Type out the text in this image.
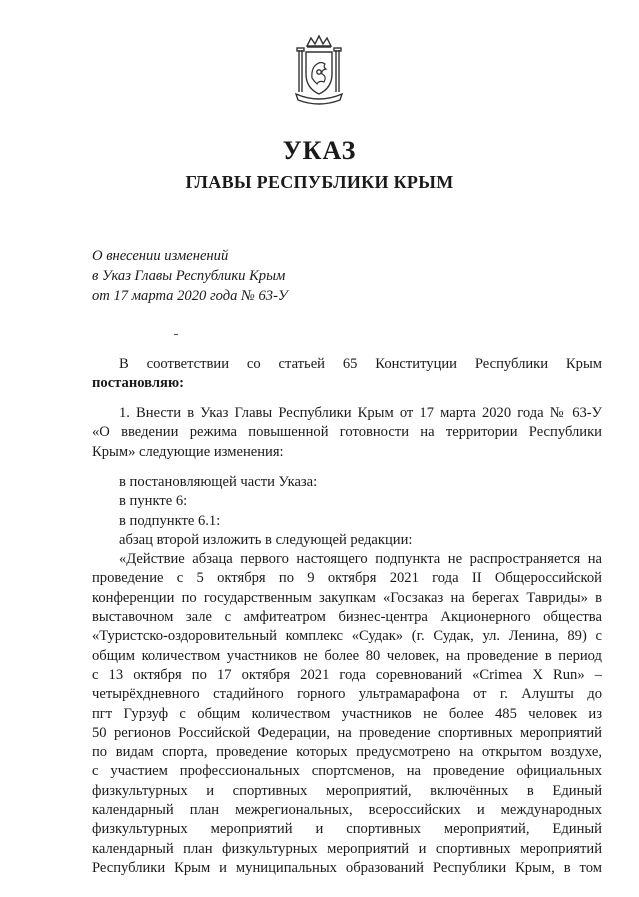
УКАЗ
ГЛАВЫ РЕСПУБЛИКИ КРЫМ
О внесении изменений
в Указ Главы Республики Крым
от 17 марта 2020 года № 63-У
В соответствии со статьей 65 Конституции Республики Крым
постановляю:
1. Внести в Указ Главы Республики Крым от 17 марта 2020 года № 63-У
«О введении режима повышенной готовности на территории Республики
Крым» следующие изменения:
в постановляющей части Указа:
в пункте 6:
в подпункте 6.1:
абзац второй изложить в следующей редакции:
«Действие абзаца первого настоящего подпункта не распространяется на
проведение с 5 октября по 9 октября 2021 года II Общероссийской
конференции по государственным закупкам «Госзаказ на берегах Тавриды» в
выставочном зале с амфитеатром бизнес-центра Акционерного общества
«Туристско-оздоровительный комплекс «Судак» (г. Судак, ул. Ленина, 89) с
общим количеством участников не более 80 человек, на проведение в период
с 13 октября по 17 октября 2021 года соревнований «Crimea X Run» –
четырёхдневного стадийного горного ультрамарафона от г. Алушты до
пгт Гурзуф с общим количеством участников не более 485 человек из
50 регионов Российской Федерации, на проведение спортивных мероприятий
по видам спорта, проведение которых предусмотрено на открытом воздухе,
с участием профессиональных спортсменов, на проведение официальных
физкультурных и спортивных мероприятий, включённых в Единый
календарный план межрегиональных, всероссийских и международных
физкультурных мероприятий и спортивных мероприятий, Единый
календарный план физкультурных мероприятий и спортивных мероприятий
Республики Крым и муниципальных образований Республики Крым, в том
